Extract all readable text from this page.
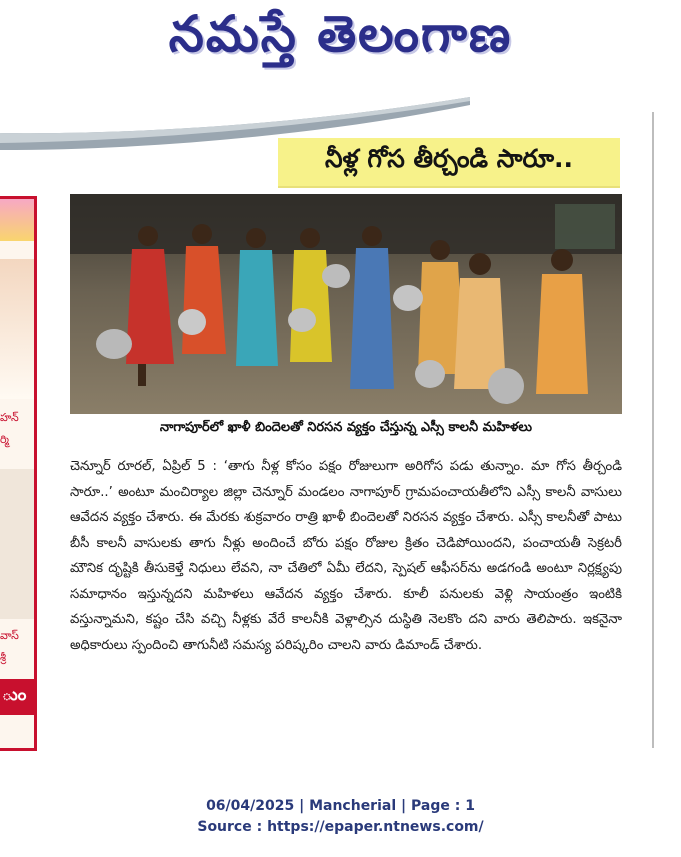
నమస్తే తెలంగాణ
హన్
ర్మి
వాస్
శ్రీ
ుం
నీళ్ల గోస తీర్చండి సారూ..
నాగాపూర్‌లో ఖాళీ బిందెలతో నిరసన వ్యక్తం చేస్తున్న ఎస్సీ కాలనీ మహిళలు
చెన్నూర్ రూరల్, ఏప్రిల్ 5 : ‘తాగు నీళ్ల కోసం పక్షం రోజులుగా అరిగోస పడు తున్నాం. మా గోస తీర్చండి సారూ..’ అంటూ మంచిర్యాల జిల్లా చెన్నూర్ మండలం నాగాపూర్ గ్రామపంచాయతీలోని ఎస్సీ కాలనీ వాసులు ఆవేదన వ్యక్తం చేశారు. ఈ మేరకు శుక్రవారం రాత్రి ఖాళీ బిందెలతో నిరసన వ్యక్తం చేశారు. ఎస్సీ కాలనీతో పాటు బీసీ కాలనీ వాసులకు తాగు నీళ్లు అందించే బోరు పక్షం రోజుల క్రితం చెడిపోయిందని, పంచాయతీ సెక్రటరీ మౌనిక దృష్టికి తీసుకెళ్తే నిధులు లేవని, నా చేతిలో ఏమీ లేదని, స్పెషల్ ఆఫీసర్‌ను అడగండి అంటూ నిర్లక్ష్యపు సమాధానం ఇస్తున్నదని మహిళలు ఆవేదన వ్యక్తం చేశారు. కూలీ పనులకు వెళ్లి సాయంత్రం ఇంటికి వస్తున్నామని, కష్టం చేసి వచ్చి నీళ్లకు వేరే కాలనీకి వెళ్లాల్సిన దుస్థితి నెలకొం దని వారు తెలిపారు. ఇకనైనా అధికారులు స్పందించి తాగునీటి సమస్య పరిష్కరిం చాలని వారు డిమాండ్ చేశారు.
06/04/2025 | Mancherial | Page : 1
Source : https://epaper.ntnews.com/
